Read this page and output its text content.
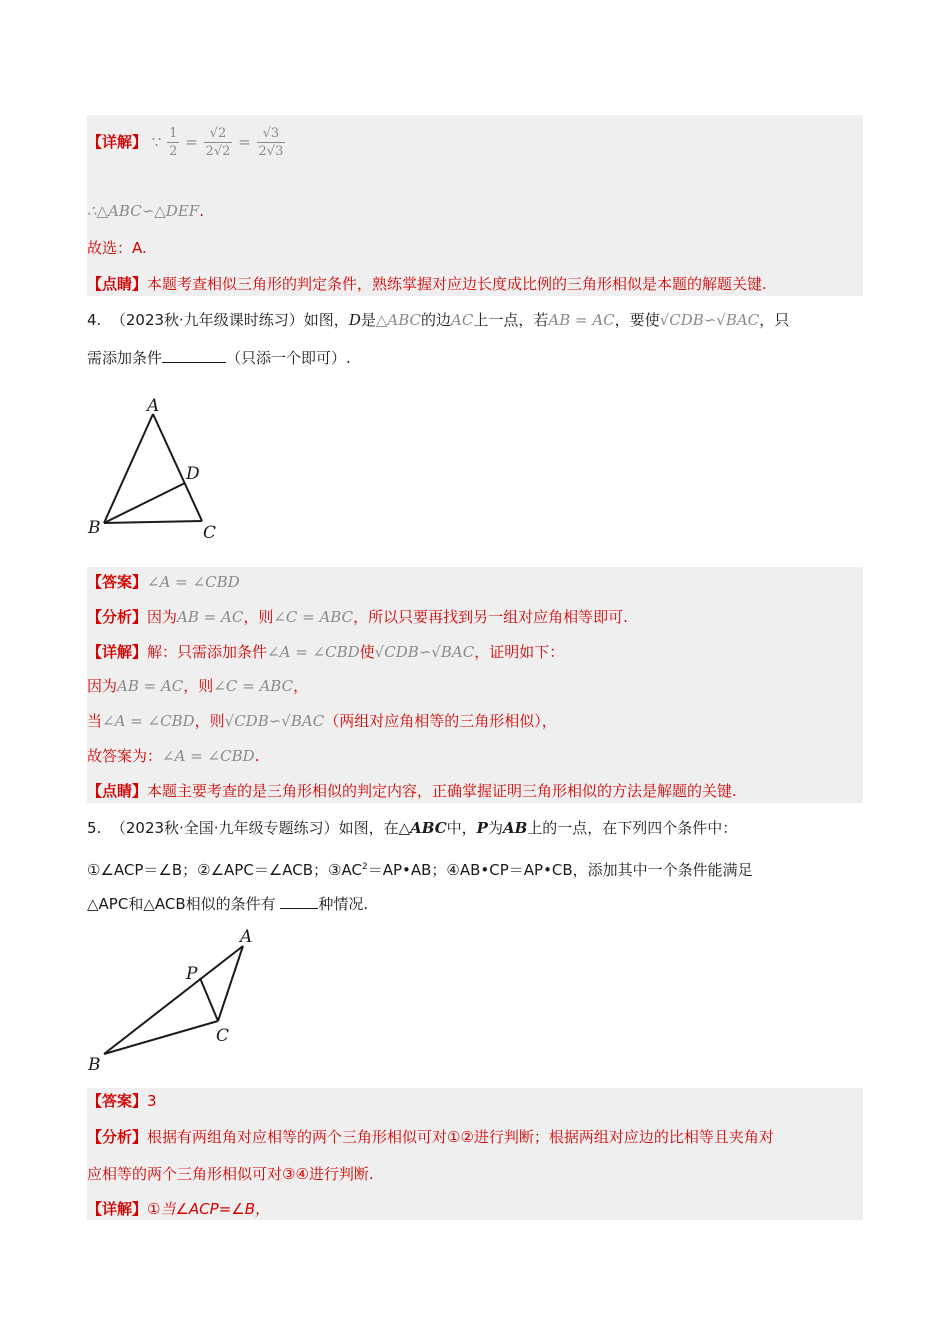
【详解】 ∵ $\frac{1}{2} = \frac{√2}{2√2} = \frac{√3}{2√3}$
∴△ABC∽△DEF.
故选：A.
【点睛】本题考查相似三角形的判定条件，熟练掌握对应边长度成比例的三角形相似是本题的解题关键.
4. （2023秋·九年级课时练习）如图，D是△ABC的边AC上一点，若AB = AC，要使√CDB∽√BAC，只
需添加条件	（只添一个即可）.
A
D
B	C
【答案】∠A = ∠CBD
【分析】因为AB = AC，则∠C = ABC，所以只要再找到另一组对应角相等即可.
【详解】解：只需添加条件∠A = ∠CBD使√CDB∽√BAC，证明如下：
因为AB = AC，则∠C = ABC，
当∠A = ∠CBD，则√CDB∽√BAC（两组对应角相等的三角形相似），
故答案为：∠A = ∠CBD.
【点睛】本题主要考查的是三角形相似的判定内容，正确掌握证明三角形相似的方法是解题的关键.
5. （2023秋·全国·九年级专题练习）如图，在△ABC中，P为AB上的一点，在下列四个条件中：
①∠ACP＝∠B；②∠APC＝∠ACB；$③AC^2=AP•AB$；④AB•CP＝AP•CB，添加其中一个条件能满足
△APC和△ACB相似的条件有	种情况.
A
P
C
B
【答案】3
【分析】根据有两组角对应相等的两个三角形相似可对①②进行判断；根据两组对应边的比相等且夹角对
应相等的两个三角形相似可对③④进行判断.
【详解】①当∠ACP=∠B，
